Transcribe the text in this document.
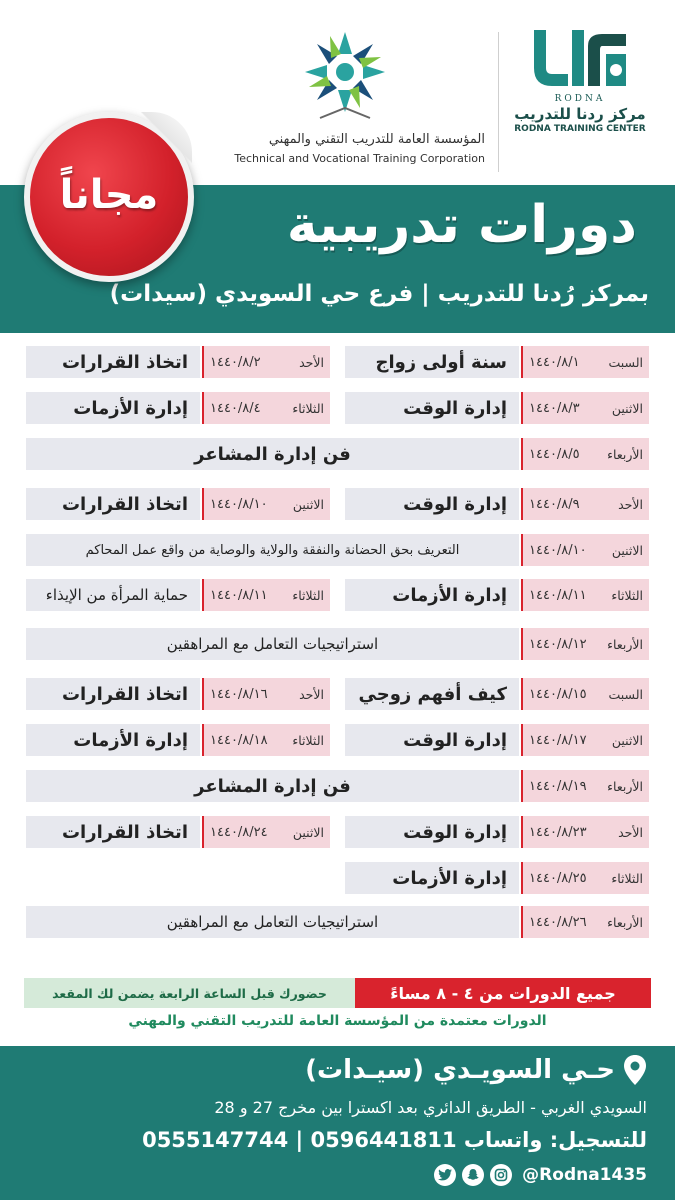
RODNA
مركز ردنا للتدريب
RODNA TRAINING CENTER
المؤسسة العامة للتدريب التقني والمهني
Technical and Vocational Training Corporation
دورات تدريبية
بمركز رُدنا للتدريب | فرع حي السويدي (سيدات)
مجاناً
السبت
١٤٤٠/٨/١
سنة أولى زواج
الأحد
١٤٤٠/٨/٢
اتخاذ القرارات
الاثنين
١٤٤٠/٨/٣
إدارة الوقت
الثلاثاء
١٤٤٠/٨/٤
إدارة الأزمات
الأربعاء
١٤٤٠/٨/٥
فن إدارة المشاعر
الأحد
١٤٤٠/٨/٩
إدارة الوقت
الاثنين
١٤٤٠/٨/١٠
اتخاذ القرارات
الاثنين
١٤٤٠/٨/١٠
التعريف بحق الحضانة والنفقة والولاية والوصاية من واقع عمل المحاكم
الثلاثاء
١٤٤٠/٨/١١
إدارة الأزمات
الثلاثاء
١٤٤٠/٨/١١
حماية المرأة من الإيذاء
الأربعاء
١٤٤٠/٨/١٢
استراتيجيات التعامل مع المراهقين
السبت
١٤٤٠/٨/١٥
كيف أفهم زوجي
الأحد
١٤٤٠/٨/١٦
اتخاذ القرارات
الاثنين
١٤٤٠/٨/١٧
إدارة الوقت
الثلاثاء
١٤٤٠/٨/١٨
إدارة الأزمات
الأربعاء
١٤٤٠/٨/١٩
فن إدارة المشاعر
الأحد
١٤٤٠/٨/٢٣
إدارة الوقت
الاثنين
١٤٤٠/٨/٢٤
اتخاذ القرارات
الثلاثاء
١٤٤٠/٨/٢٥
إدارة الأزمات
الأربعاء
١٤٤٠/٨/٢٦
استراتيجيات التعامل مع المراهقين
جميع الدورات من ٤ - ٨ مساءً
حضورك قبل الساعة الرابعة يضمن لك المقعد
الدورات معتمدة من المؤسسة العامة للتدريب التقني والمهني
حـي السويـدي (سيـدات)
السويدي الغربي - الطريق الدائري بعد اكسترا بين مخرج 27 و 28
للتسجيل: واتساب 0596441811 | 0555147744
@Rodna1435
